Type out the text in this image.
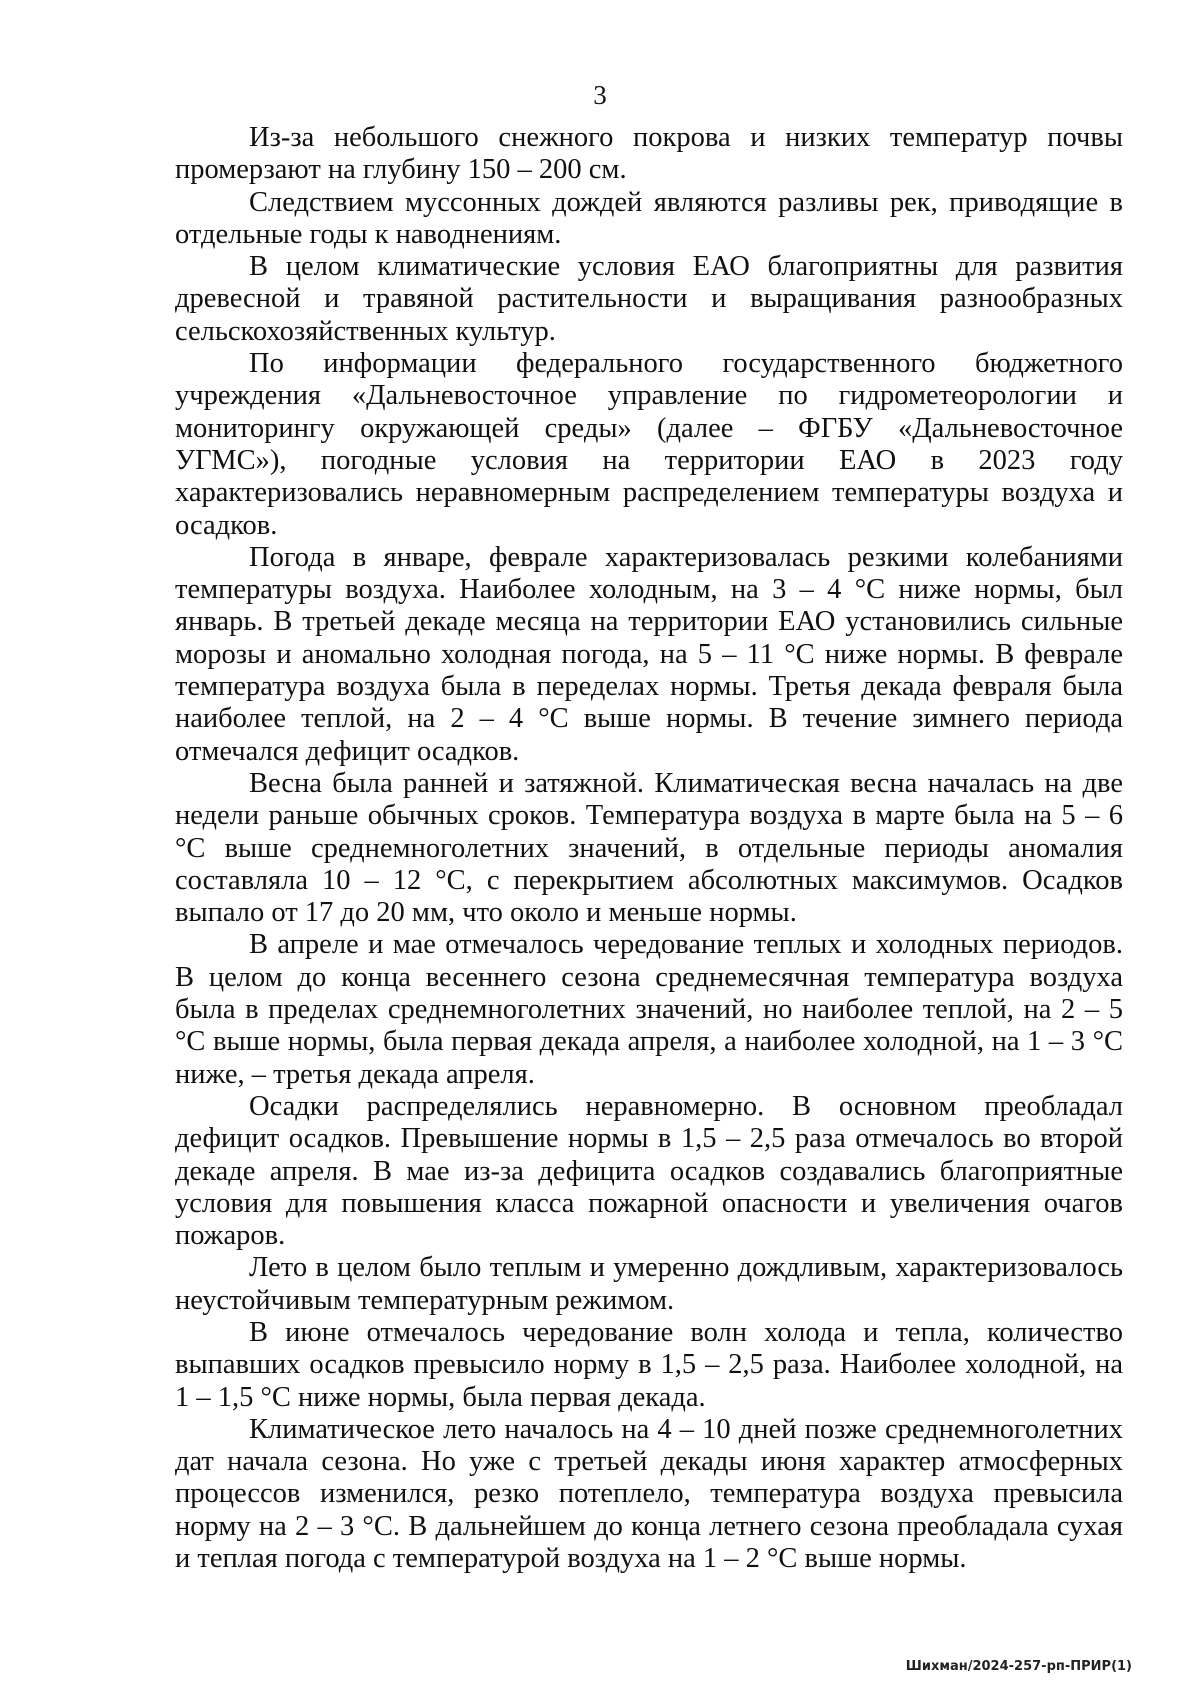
3

Из-за небольшого снежного покрова и низких температур почвы промерзают на глубину 150 – 200 см.

Следствием муссонных дождей являются разливы рек, приводящие в отдельные годы к наводнениям.

В целом климатические условия ЕАО благоприятны для развития древесной и травяной растительности и выращивания разнообразных сельскохозяйственных культур.

По информации федерального государственного бюджетного учреждения «Дальневосточное управление по гидрометеорологии и мониторингу окружающей среды» (далее – ФГБУ «Дальневосточное УГМС»), погодные условия на территории ЕАО в 2023 году характеризовались неравномерным распределением температуры воздуха и осадков.

Погода в январе, феврале характеризовалась резкими колебаниями температуры воздуха. Наиболее холодным, на 3 – 4 °С ниже нормы, был январь. В третьей декаде месяца на территории ЕАО установились сильные морозы и аномально холодная погода, на 5 – 11 °С ниже нормы. В феврале температура воздуха была в переделах нормы. Третья декада февраля была наиболее теплой, на 2 – 4 °С выше нормы. В течение зимнего периода отмечался дефицит осадков.

Весна была ранней и затяжной. Климатическая весна началась на две недели раньше обычных сроков. Температура воздуха в марте была на 5 – 6 °С выше среднемноголетних значений, в отдельные периоды аномалия составляла 10 – 12 °С, с перекрытием абсолютных максимумов. Осадков выпало от 17 до 20 мм, что около и меньше нормы.

В апреле и мае отмечалось чередование теплых и холодных периодов. В целом до конца весеннего сезона среднемесячная температура воздуха была в пределах среднемноголетних значений, но наиболее теплой, на 2 – 5 °С выше нормы, была первая декада апреля, а наиболее холодной, на 1 – 3 °С ниже, – третья декада апреля.

Осадки распределялись неравномерно. В основном преобладал дефицит осадков. Превышение нормы в 1,5 – 2,5 раза отмечалось во второй декаде апреля. В мае из-за дефицита осадков создавались благоприятные условия для повышения класса пожарной опасности и увеличения очагов пожаров.

Лето в целом было теплым и умеренно дождливым, характеризовалось неустойчивым температурным режимом.

В июне отмечалось чередование волн холода и тепла, количество выпавших осадков превысило норму в 1,5 – 2,5 раза. Наиболее холодной, на 1 – 1,5 °С ниже нормы, была первая декада.

Климатическое лето началось на 4 – 10 дней позже среднемноголетних дат начала сезона. Но уже с третьей декады июня характер атмосферных процессов изменился, резко потеплело, температура воздуха превысила норму на 2 – 3 °С. В дальнейшем до конца летнего сезона преобладала сухая и теплая погода с температурой воздуха на 1 – 2 °С выше нормы.

Шихман/2024-257-рп-ПРИР(1)
